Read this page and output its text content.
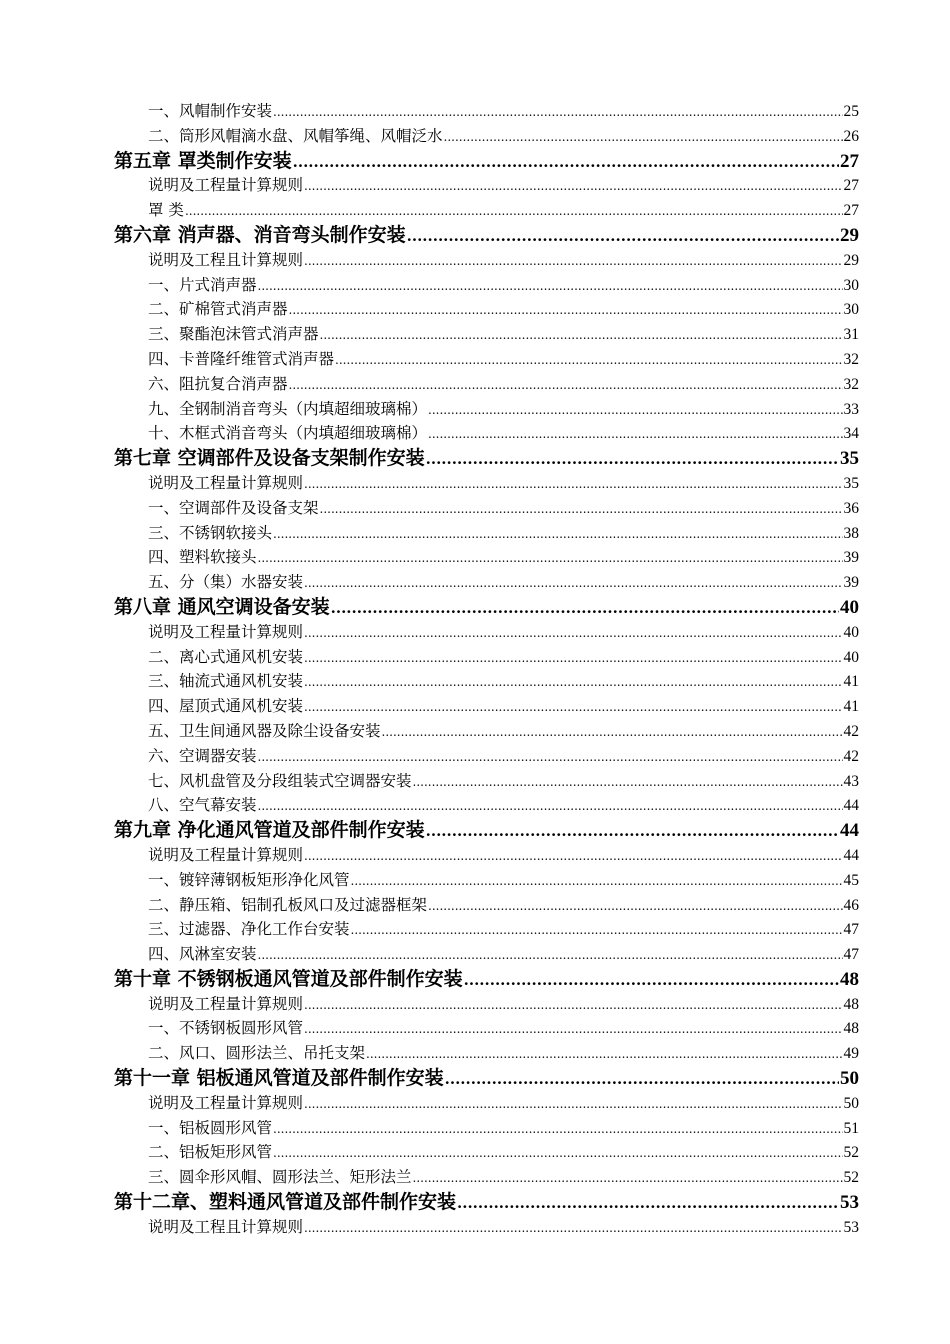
一、风帽制作安装 .....	25
二、筒形风帽滴水盘、风帽筝绳、风帽泛水 .....	26
第五章 罩类制作安装 .....	27
说明及工程量计算规则 .....	27
罩 类 .....	27
第六章 消声器、消音弯头制作安装 .....	29
说明及工程且计算规则 .....	29
一、片式消声器 .....	30
二、矿棉管式消声器 .....	30
三、聚酯泡沫管式消声器 .....	31
四、卡普隆纤维管式消声器 .....	32
六、阻抗复合消声器 .....	32
九、全钢制消音弯头（内填超细玻璃棉） .....	33
十、木框式消音弯头（内填超细玻璃棉） .....	34
第七章 空调部件及设备支架制作安装 .....	35
说明及工程量计算规则 .....	35
一、空调部件及设备支架 .....	36
三、不锈钢软接头 .....	38
四、塑料软接头 .....	39
五、分（集）水器安装 .....	39
第八章 通风空调设备安装 .....	40
说明及工程量计算规则 .....	40
二、离心式通风机安装 .....	40
三、轴流式通风机安装 .....	41
四、屋顶式通风机安装 .....	41
五、卫生间通风器及除尘设备安装 .....	42
六、空调器安装 .....	42
七、风机盘管及分段组装式空调器安装 .....	43
八、空气幕安装 .....	44
第九章 净化通风管道及部件制作安装 .....	44
说明及工程量计算规则 .....	44
一、镀锌薄钢板矩形净化风管 .....	45
二、静压箱、铝制孔板风口及过滤器框架 .....	46
三、过滤器、净化工作台安装 .....	47
四、风淋室安装 .....	47
第十章 不锈钢板通风管道及部件制作安装 .....	48
说明及工程量计算规则 .....	48
一、不锈钢板圆形风管 .....	48
二、风口、圆形法兰、吊托支架 .....	49
第十一章 铝板通风管道及部件制作安装 .....	50
说明及工程量计算规则 .....	50
一、铝板圆形风管 .....	51
二、铝板矩形风管 .....	52
三、圆伞形风帽、圆形法兰、矩形法兰 .....	52
第十二章、塑料通风管道及部件制作安装 .....	53
说明及工程且计算规则 .....	53
